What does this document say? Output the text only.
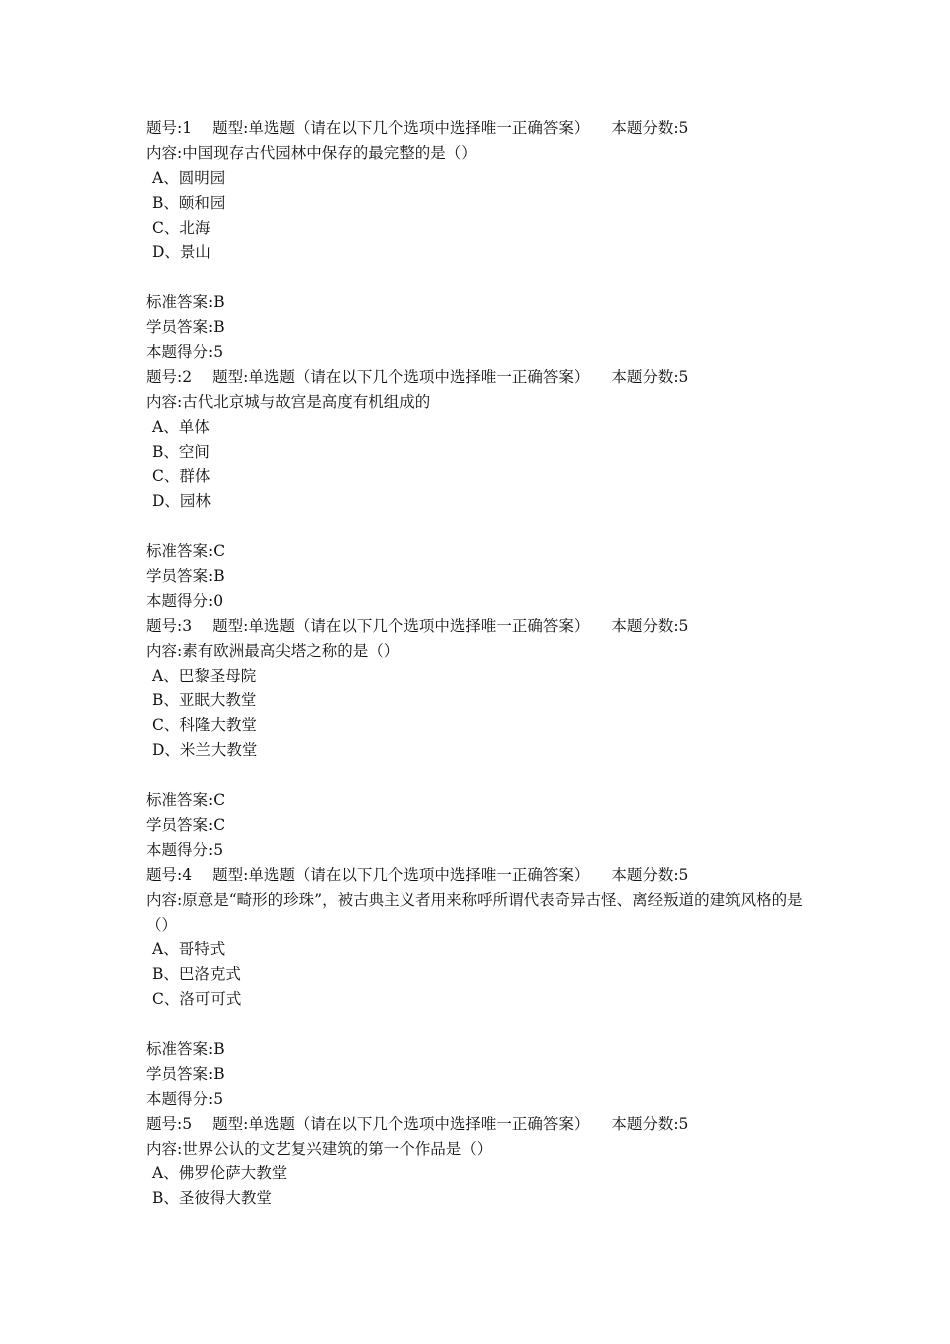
题号:1 题型:单选题（请在以下几个选项中选择唯一正确答案） 本题分数:5
内容:中国现存古代园林中保存的最完整的是（）
A、圆明园
B、颐和园
C、北海
D、景山
标准答案:B
学员答案:B
本题得分:5
题号:2 题型:单选题（请在以下几个选项中选择唯一正确答案） 本题分数:5
内容:古代北京城与故宫是高度有机组成的
A、单体
B、空间
C、群体
D、园林
标准答案:C
学员答案:B
本题得分:0
题号:3 题型:单选题（请在以下几个选项中选择唯一正确答案） 本题分数:5
内容:素有欧洲最高尖塔之称的是（）
A、巴黎圣母院
B、亚眠大教堂
C、科隆大教堂
D、米兰大教堂
标准答案:C
学员答案:C
本题得分:5
题号:4 题型:单选题（请在以下几个选项中选择唯一正确答案） 本题分数:5
内容:原意是“畸形的珍珠”，被古典主义者用来称呼所谓代表奇异古怪、离经叛道的建筑风格的是（）
A、哥特式
B、巴洛克式
C、洛可可式
标准答案:B
学员答案:B
本题得分:5
题号:5 题型:单选题（请在以下几个选项中选择唯一正确答案） 本题分数:5
内容:世界公认的文艺复兴建筑的第一个作品是（）
A、佛罗伦萨大教堂
B、圣彼得大教堂
